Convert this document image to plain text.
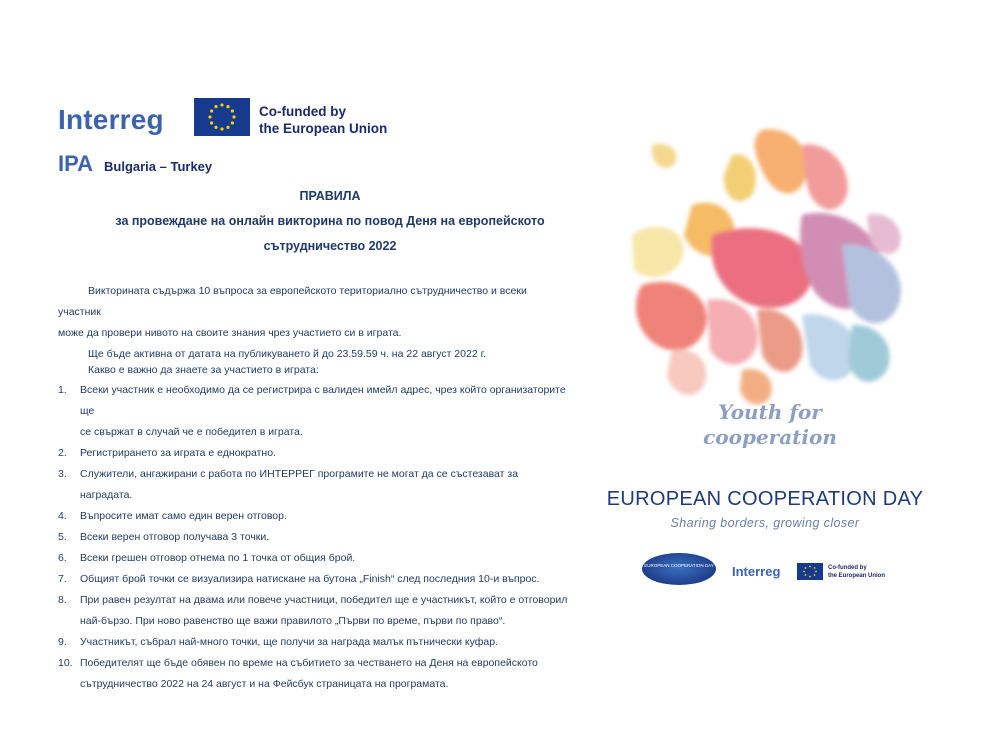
Interreg	Co-funded by
the European Union
IPA Bulgaria – Turkey
ПРАВИЛА
за провеждане на онлайн викторина по повод Деня на европейското
сътрудничество 2022

Викторината съдържа 10 въпроса за европейското териториално сътрудничество и всеки участник

може да провери нивото на своите знания чрез участието си в играта.

Ще бъде активна от датата на публикуването й до 23.59.59 ч. на 22 август 2022 г.

Какво е важно да знаете за участието в играта:
1.	Всеки участник е необходимо да се регистрира с валиден имейл адрес, чрез който организаторите ще
се свържат в случай че е победител в играта.
2.	Регистрирането за играта е еднократно.
3.	Служители, ангажирани с работа по ИНТЕРРЕГ програмите не могат да се състезават за наградата.
4.	Въпросите имат само един верен отговор.
5.	Всеки верен отговор получава 3 точки.
6.	Всеки грешен отговор отнема по 1 точка от общия брой.
7.	Общият брой точки се визуализира натискане на бутона „Finish“ след последния 10-и въпрос.
8.	При равен резултат на двама или повече участници, победител ще е участникът, който е отговорил
най-бързо. При ново равенство ще важи правилото „Първи по време, първи по право“.
9.	Участникът, събрал най-много точки, ще получи за награда малък пътнически куфар.
10. Победителят ще бъде обявен по време на събитието за честването на Деня на европейското
сътрудничество 2022 на 24 август и на Фейсбук страницата на програмата.
Youth for
cooperation
EUROPEAN COOPERATION DAY
Sharing borders, growing closer
EUROPEAN COOPERATION DAY Interreg	Co-funded by
the European Union
